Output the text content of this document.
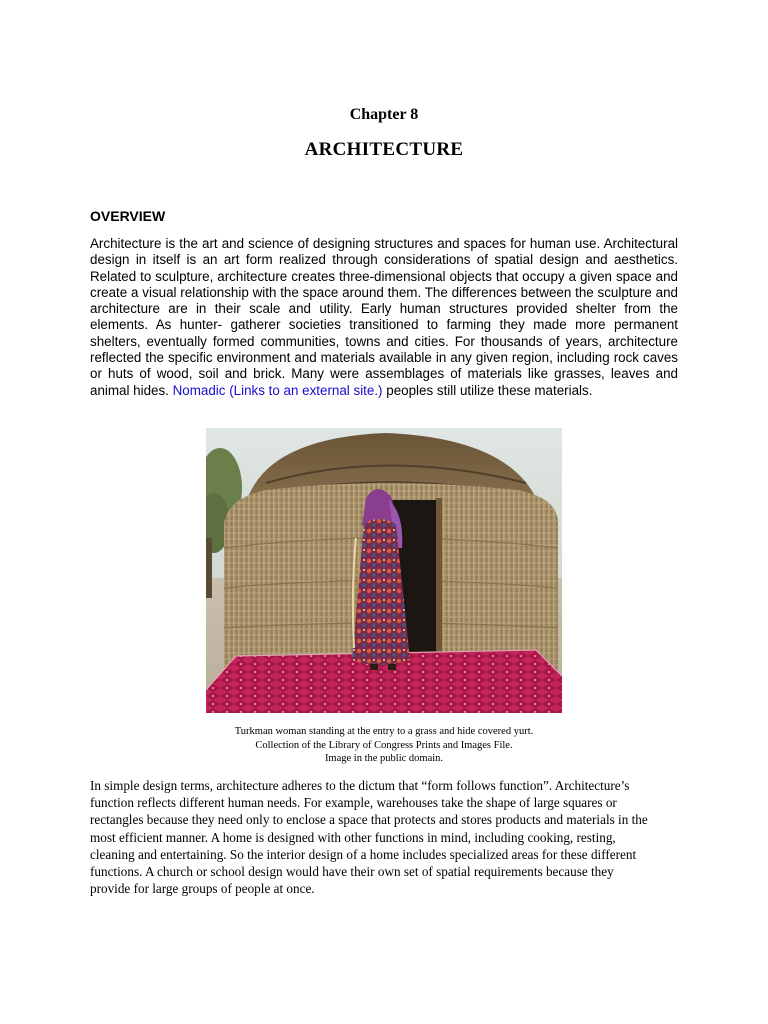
Chapter 8
ARCHITECTURE
OVERVIEW
Architecture is the art and science of designing structures and spaces for human use. Architectural design in itself is an art form realized through considerations of spatial design and aesthetics. Related to sculpture, architecture creates three-dimensional objects that occupy a given space and create a visual relationship with the space around them. The differences between the sculpture and architecture are in their scale and utility. Early human structures provided shelter from the elements. As hunter- gatherer societies transitioned to farming they made more permanent shelters, eventually formed communities, towns and cities. For thousands of years, architecture reflected the specific environment and materials available in any given region, including rock caves or huts of wood, soil and brick. Many were assemblages of materials like grasses, leaves and animal hides. Nomadic (Links to an external site.) peoples still utilize these materials.
Turkman woman standing at the entry to a grass and hide covered yurt.
Collection of the Library of Congress Prints and Images File.
Image in the public domain.
In simple design terms, architecture adheres to the dictum that “form follows function”. Architecture’s
function reflects different human needs. For example, warehouses take the shape of large squares or
rectangles because they need only to enclose a space that protects and stores products and materials in the
most efficient manner. A home is designed with other functions in mind, including cooking, resting,
cleaning and entertaining. So the interior design of a home includes specialized areas for these different
functions. A church or school design would have their own set of spatial requirements because they
provide for large groups of people at once.
